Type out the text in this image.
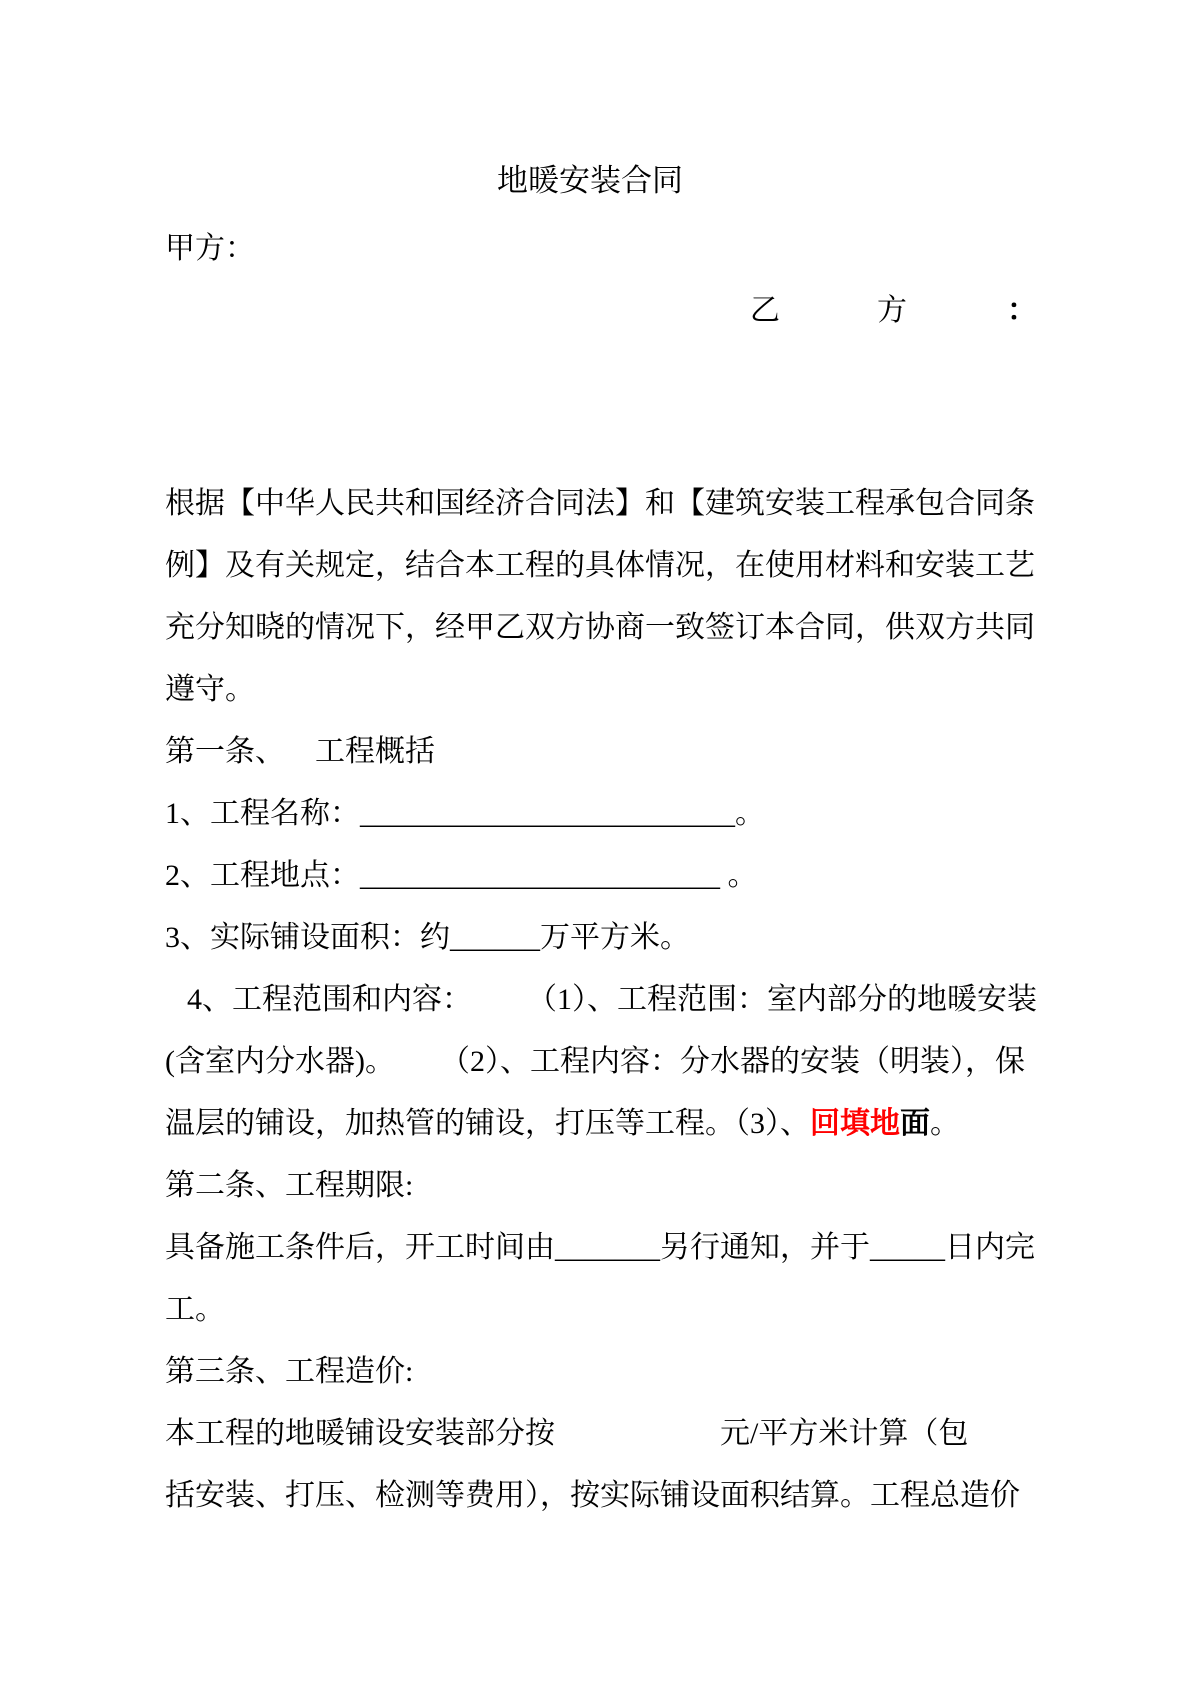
地暖安装合同
甲方：
乙	方	：
根据【中华人民共和国经济合同法】和【建筑安装工程承包合同条
例】及有关规定，结合本工程的具体情况，在使用材料和安装工艺
充分知晓的情况下，经甲乙双方协商一致签订本合同，供双方共同
遵守。
第一条、 工程概括
1、工程名称：_________________________。
2、工程地点：________________________ 。
3、实际铺设面积：约______万平方米。
4、工程范围和内容： （1）、工程范围：室内部分的地暖安装
(含室内分水器)。 （2）、工程内容：分水器的安装（明装），保
温层的铺设，加热管的铺设，打压等工程。（3）、回填地面。
第二条、工程期限:
具备施工条件后，开工时间由_______另行通知，并于_____日内完
工。
第三条、工程造价:
本工程的地暖铺设安装部分按	元/平方米计算（包
括安装、打压、检测等费用），按实际铺设面积结算。工程总造价
